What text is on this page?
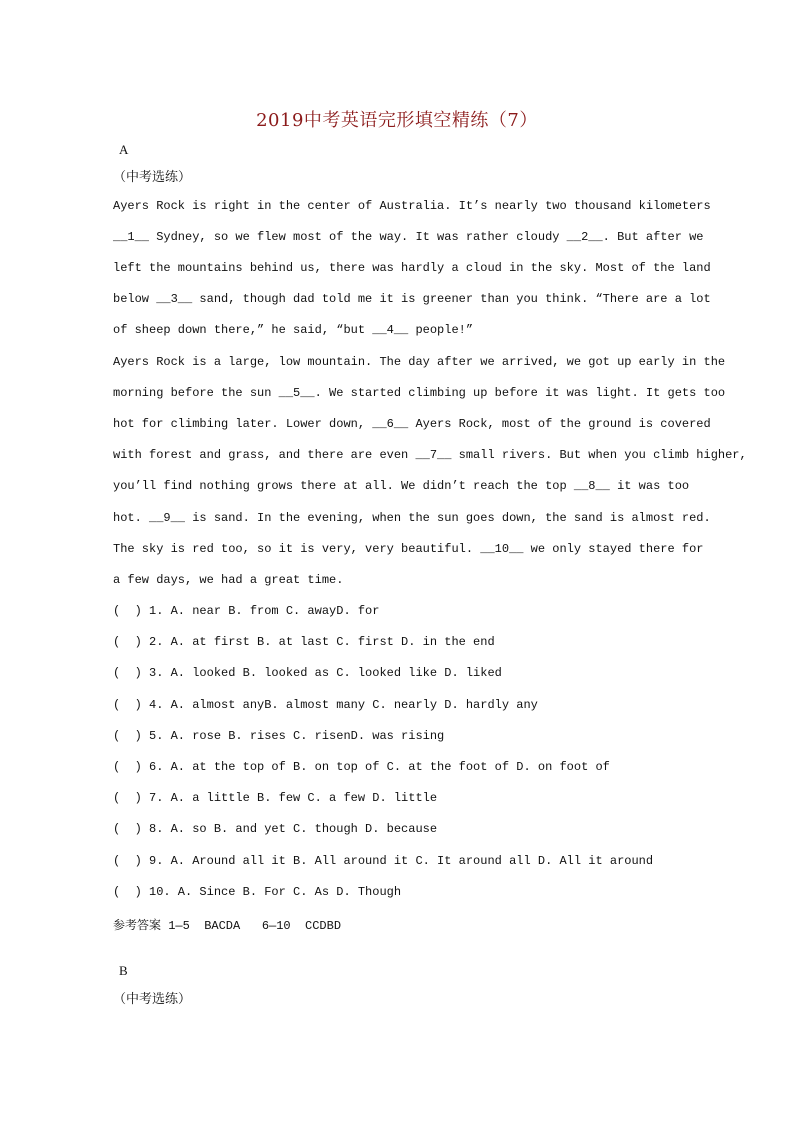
2019中考英语完形填空精练（7）
A
（中考选练）
Ayers Rock is right in the center of Australia. It’s nearly two thousand kilometers
__1__ Sydney, so we flew most of the way. It was rather cloudy __2__. But after we
left the mountains behind us, there was hardly a cloud in the sky. Most of the land
below __3__ sand, though dad told me it is greener than you think. “There are a lot
of sheep down there,” he said, “but __4__ people!”
Ayers Rock is a large, low mountain. The day after we arrived, we got up early in the
morning before the sun __5__. We started climbing up before it was light. It gets too
hot for climbing later. Lower down, __6__ Ayers Rock, most of the ground is covered
with forest and grass, and there are even __7__ small rivers. But when you climb higher,
you’ll find nothing grows there at all. We didn’t reach the top __8__ it was too
hot. __9__ is sand. In the evening, when the sun goes down, the sand is almost red.
The sky is red too, so it is very, very beautiful. __10__ we only stayed there for
a few days, we had a great time.
(  ) 1. A. near B. from C. awayD. for
(  ) 2. A. at first B. at last C. first D. in the end
(  ) 3. A. looked B. looked as C. looked like D. liked
(  ) 4. A. almost anyB. almost many C. nearly D. hardly any
(  ) 5. A. rose B. rises C. risenD. was rising
(  ) 6. A. at the top of B. on top of C. at the foot of D. on foot of
(  ) 7. A. a little B. few C. a few D. little
(  ) 8. A. so B. and yet C. though D. because
(  ) 9. A. Around all it B. All around it C. It around all D. All it around
(  ) 10. A. Since B. For C. As D. Though
参考答案 1—5  BACDA   6—10  CCDBD
B
（中考选练）
